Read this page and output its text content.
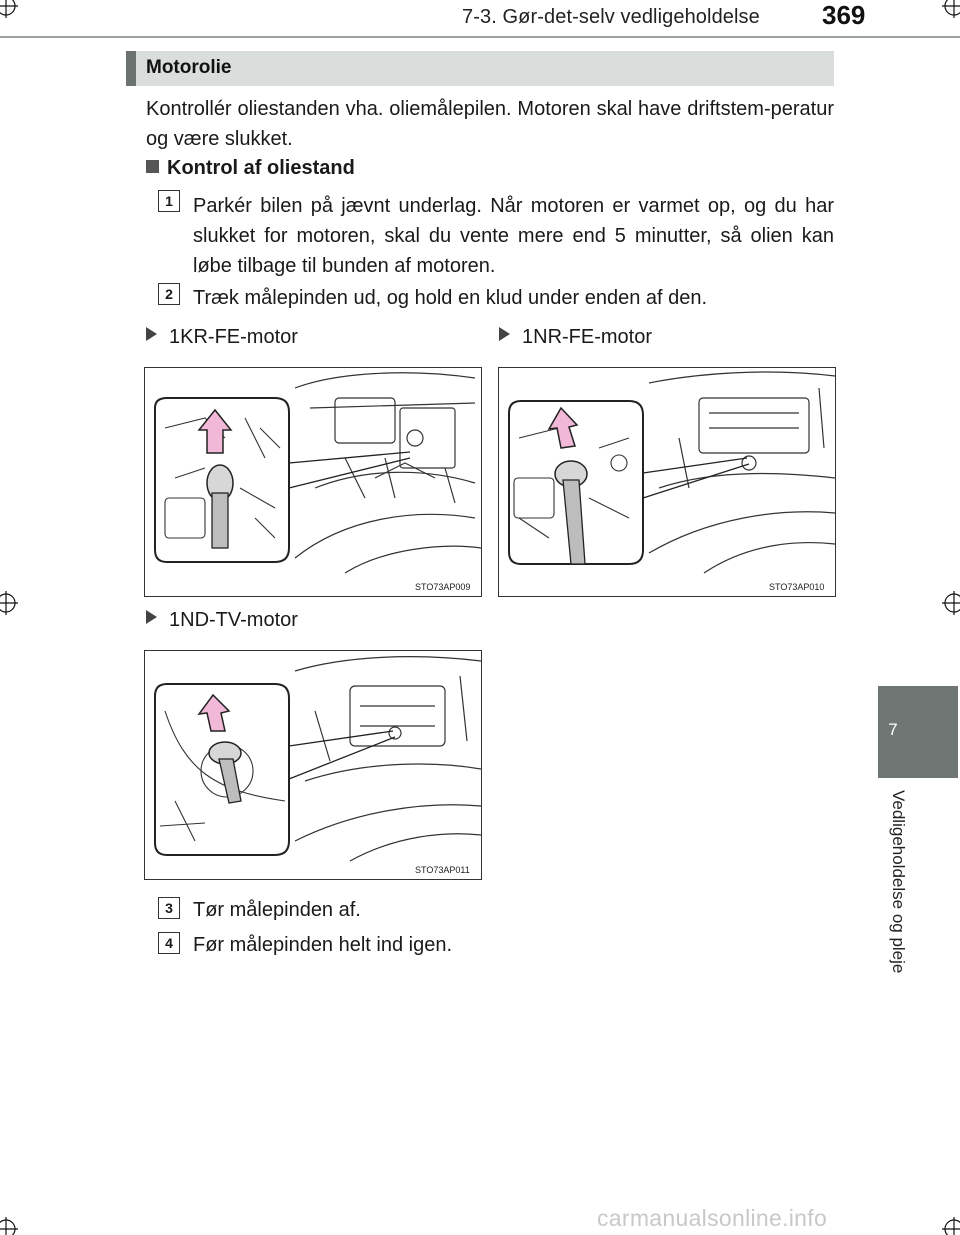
7-3. Gør-det-selv vedligeholdelse 369
7
Vedligeholdelse og pleje
Motorolie
Kontrollér oliestanden vha. oliemålepilen. Motoren skal have driftstem-peratur og være slukket.
Kontrol af oliestand
1	Parkér bilen på jævnt underlag. Når motoren er varmet op, og du har slukket for motoren, skal du vente mere end 5 minutter, så olien kan løbe tilbage til bunden af motoren.
2	Træk målepinden ud, og hold en klud under enden af den.
1KR-FE-motor	1NR-FE-motor
STO73AP009	STO73AP010
1ND-TV-motor
STO73AP011
3	Tør målepinden af.
4	Før målepinden helt ind igen.
carmanualsonline.info
